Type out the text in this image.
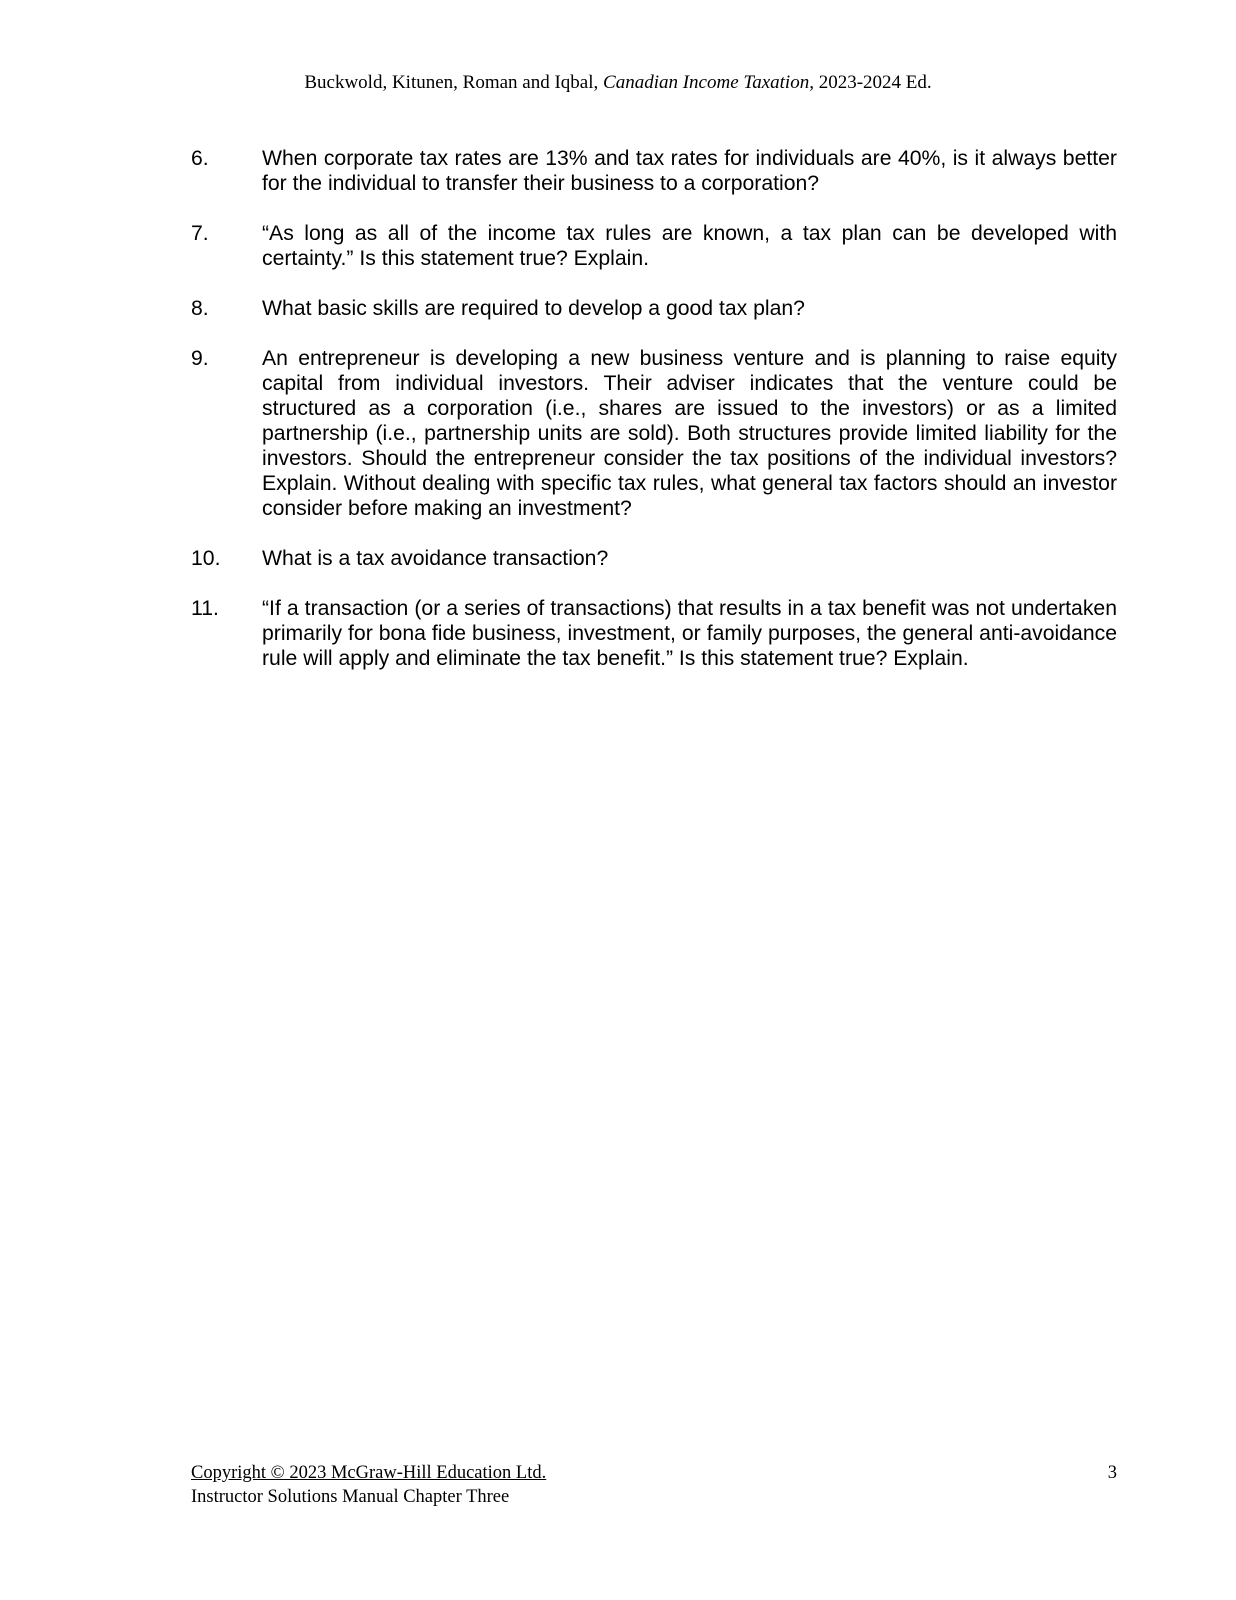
Buckwold, Kitunen, Roman and Iqbal, Canadian Income Taxation, 2023-2024 Ed.
6.	When corporate tax rates are 13% and tax rates for individuals are 40%, is it always better for the individual to transfer their business to a corporation?
7.	“As long as all of the income tax rules are known, a tax plan can be developed with certainty.” Is this statement true? Explain.
8.	What basic skills are required to develop a good tax plan?
9.	An entrepreneur is developing a new business venture and is planning to raise equity capital from individual investors. Their adviser indicates that the venture could be structured as a corporation (i.e., shares are issued to the investors) or as a limited partnership (i.e., partnership units are sold). Both structures provide limited liability for the investors. Should the entrepreneur consider the tax positions of the individual investors? Explain. Without dealing with specific tax rules, what general tax factors should an investor consider before making an investment?
10.	What is a tax avoidance transaction?
11.	“If a transaction (or a series of transactions) that results in a tax benefit was not undertaken primarily for bona fide business, investment, or family purposes, the general anti-avoidance rule will apply and eliminate the tax benefit.” Is this statement true? Explain.
Copyright © 2023 McGraw-Hill Education Ltd.
Instructor Solutions Manual Chapter Three
3
